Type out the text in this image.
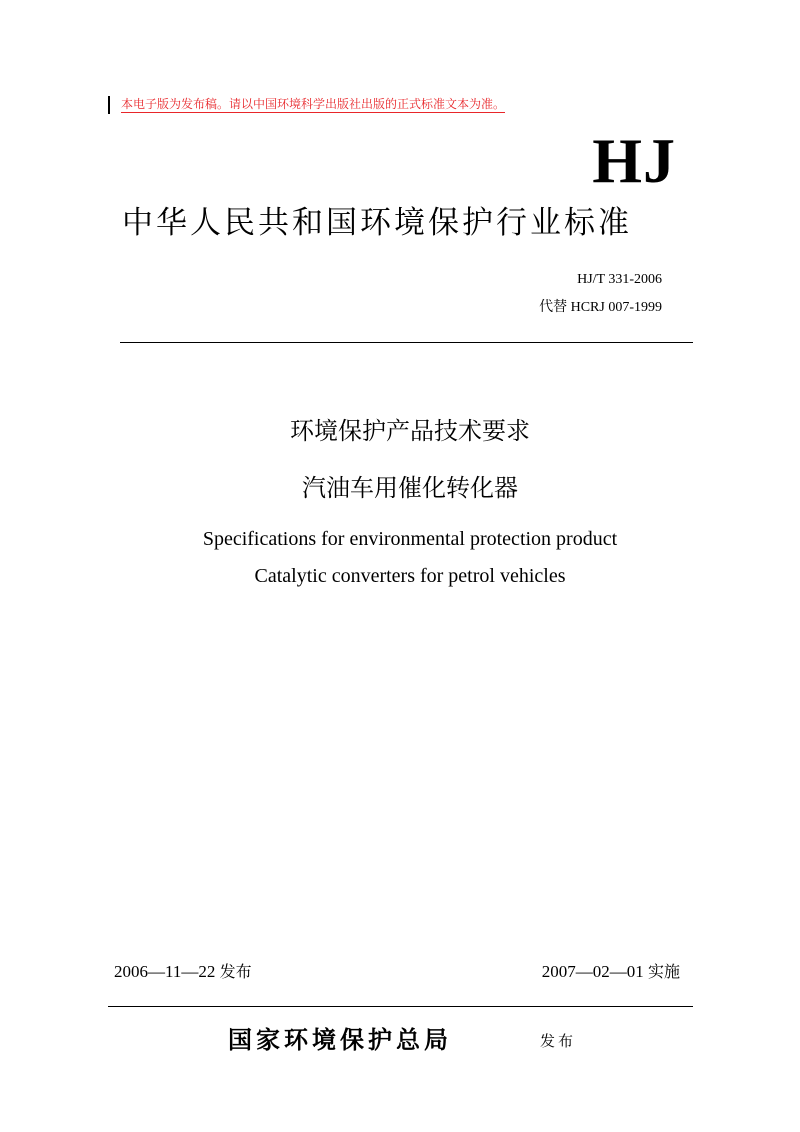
本电子版为发布稿。请以中国环境科学出版社出版的正式标准文本为准。
HJ
中华人民共和国环境保护行业标准
HJ/T 331-2006
代替 HCRJ 007-1999
环境保护产品技术要求
汽油车用催化转化器
Specifications for environmental protection product
Catalytic converters for petrol vehicles
2006—11—22 发布	2007—02—01 实施
国家环境保护总局	发布
